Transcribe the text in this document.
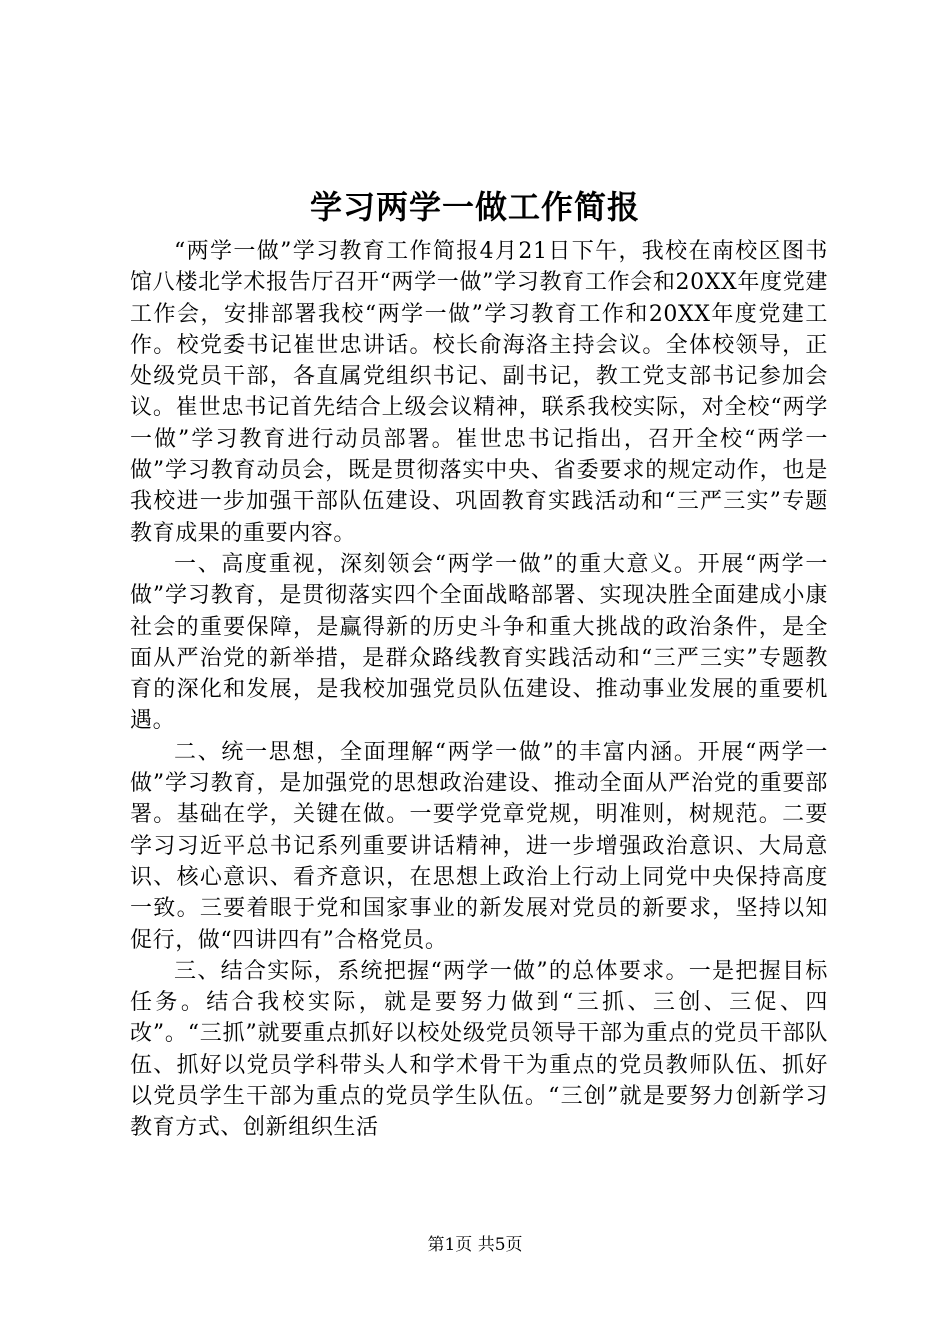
学习两学一做工作简报

“两学一做”学习教育工作简报4月21日下午，我校在南校区图书馆八楼北学术报告厅召开“两学一做”学习教育工作会和20XX年度党建工作会，安排部署我校“两学一做”学习教育工作和20XX年度党建工作。校党委书记崔世忠讲话。校长俞海洛主持会议。全体校领导，正处级党员干部，各直属党组织书记、副书记，教工党支部书记参加会议。崔世忠书记首先结合上级会议精神，联系我校实际，对全校“两学一做”学习教育进行动员部署。崔世忠书记指出，召开全校“两学一做”学习教育动员会，既是贯彻落实中央、省委要求的规定动作，也是我校进一步加强干部队伍建设、巩固教育实践活动和“三严三实”专题教育成果的重要内容。

一、高度重视，深刻领会“两学一做”的重大意义。开展“两学一做”学习教育，是贯彻落实四个全面战略部署、实现决胜全面建成小康社会的重要保障，是赢得新的历史斗争和重大挑战的政治条件，是全面从严治党的新举措，是群众路线教育实践活动和“三严三实”专题教育的深化和发展，是我校加强党员队伍建设、推动事业发展的重要机遇。

二、统一思想，全面理解“两学一做”的丰富内涵。开展“两学一做”学习教育，是加强党的思想政治建设、推动全面从严治党的重要部署。基础在学，关键在做。一要学党章党规，明准则，树规范。二要学习习近平总书记系列重要讲话精神，进一步增强政治意识、大局意识、核心意识、看齐意识，在思想上政治上行动上同党中央保持高度一致。三要着眼于党和国家事业的新发展对党员的新要求，坚持以知促行，做“四讲四有”合格党员。

三、结合实际，系统把握“两学一做”的总体要求。一是把握目标任务。结合我校实际，就是要努力做到“三抓、三创、三促、四改”。“三抓”就要重点抓好以校处级党员领导干部为重点的党员干部队伍、抓好以党员学科带头人和学术骨干为重点的党员教师队伍、抓好以党员学生干部为重点的党员学生队伍。“三创”就是要努力创新学习教育方式、创新组织生活

第1页 共5页
